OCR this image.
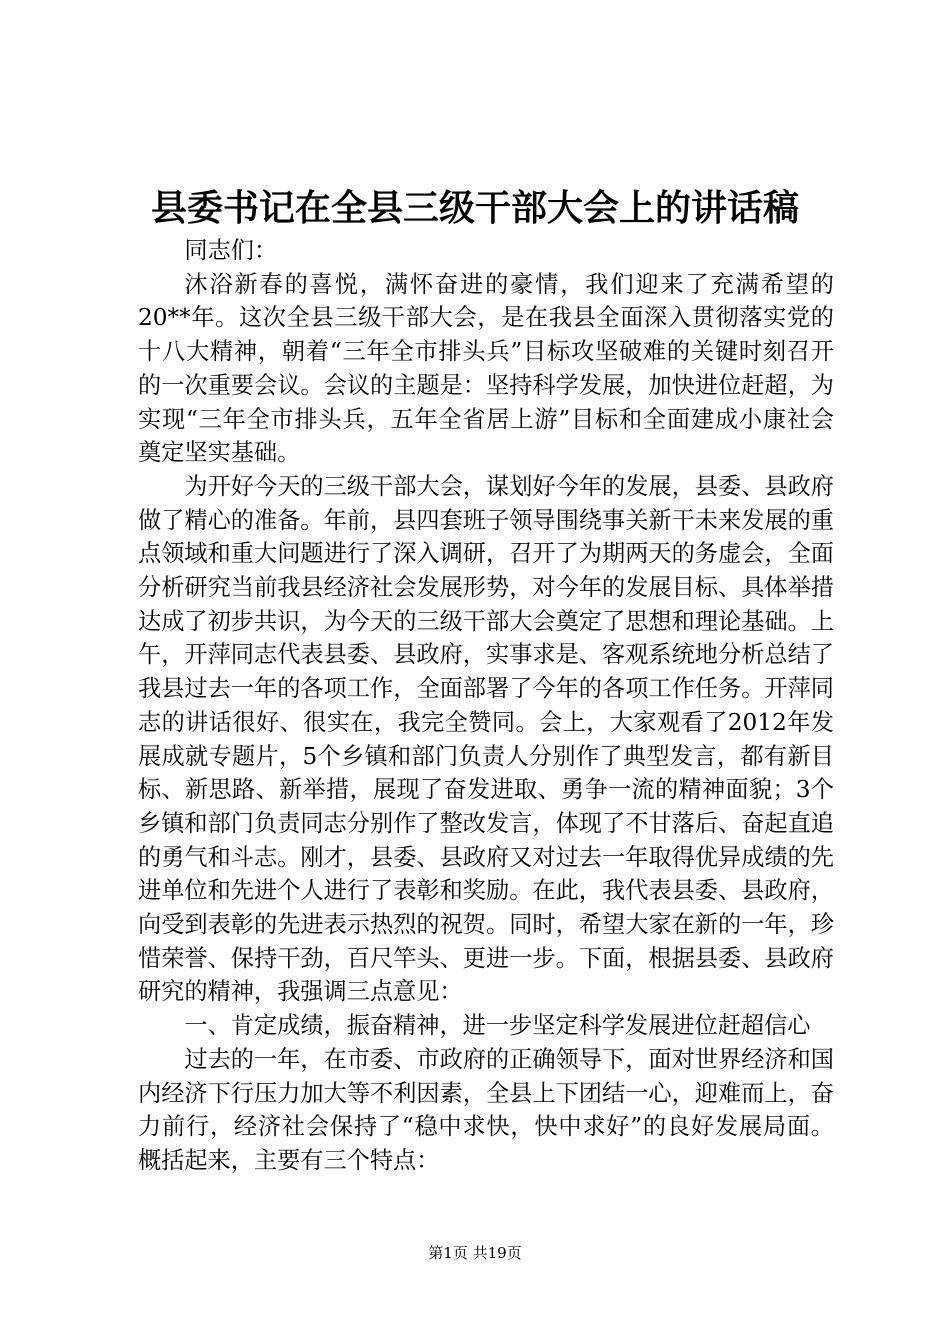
县委书记在全县三级干部大会上的讲话稿

同志们：

沐浴新春的喜悦，满怀奋进的豪情，我们迎来了充满希望的20**年。这次全县三级干部大会，是在我县全面深入贯彻落实党的十八大精神，朝着“三年全市排头兵”目标攻坚破难的关键时刻召开的一次重要会议。会议的主题是：坚持科学发展，加快进位赶超，为实现“三年全市排头兵，五年全省居上游”目标和全面建成小康社会奠定坚实基础。

为开好今天的三级干部大会，谋划好今年的发展，县委、县政府做了精心的准备。年前，县四套班子领导围绕事关新干未来发展的重点领域和重大问题进行了深入调研，召开了为期两天的务虚会，全面分析研究当前我县经济社会发展形势，对今年的发展目标、具体举措达成了初步共识，为今天的三级干部大会奠定了思想和理论基础。上午，开萍同志代表县委、县政府，实事求是、客观系统地分析总结了我县过去一年的各项工作，全面部署了今年的各项工作任务。开萍同志的讲话很好、很实在，我完全赞同。会上，大家观看了2012年发展成就专题片，5个乡镇和部门负责人分别作了典型发言，都有新目标、新思路、新举措，展现了奋发进取、勇争一流的精神面貌；3个乡镇和部门负责同志分别作了整改发言，体现了不甘落后、奋起直追的勇气和斗志。刚才，县委、县政府又对过去一年取得优异成绩的先进单位和先进个人进行了表彰和奖励。在此，我代表县委、县政府，向受到表彰的先进表示热烈的祝贺。同时，希望大家在新的一年，珍惜荣誉、保持干劲，百尺竿头、更进一步。下面，根据县委、县政府研究的精神，我强调三点意见：

一、肯定成绩，振奋精神，进一步坚定科学发展进位赶超信心

过去的一年，在市委、市政府的正确领导下，面对世界经济和国内经济下行压力加大等不利因素，全县上下团结一心，迎难而上，奋力前行，经济社会保持了“稳中求快，快中求好”的良好发展局面。概括起来，主要有三个特点：

第1页 共19页
